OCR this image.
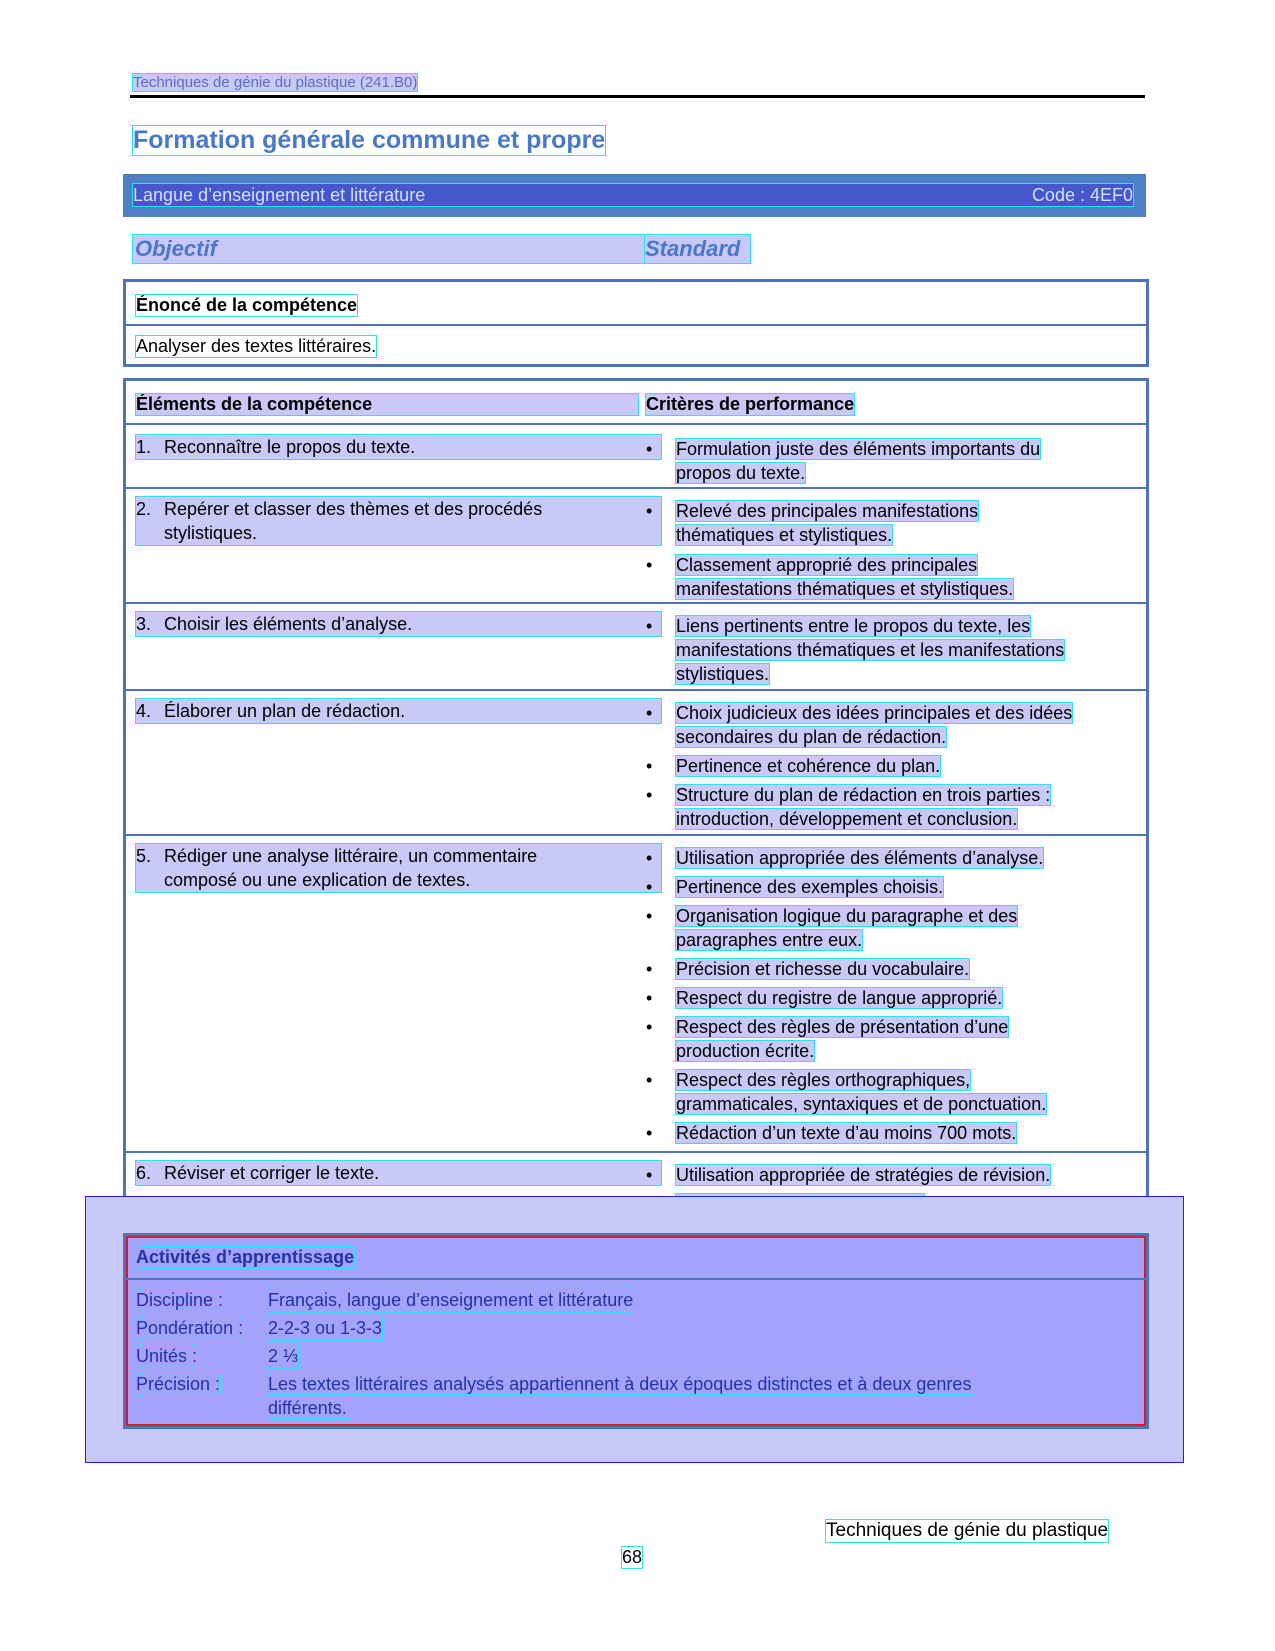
Techniques de génie du plastique (241.B0)
Formation générale commune et propre
Langue d’enseignement et littérature	Code : 4EF0
Objectif	Standard
Énoncé de la compétence
Analyser des textes littéraires.
Éléments de la compétence	Critères de performance
1. Reconnaître le propos du texte.	• Formulation juste des éléments importants du
propos du texte.
2. Repérer et classer des thèmes et des procédés
stylistiques.
• Relevé des principales manifestations
thématiques et stylistiques.
• Classement approprié des principales
manifestations thématiques et stylistiques.
3. Choisir les éléments d’analyse.	• Liens pertinents entre le propos du texte, les
manifestations thématiques et les manifestations
stylistiques.
4. Élaborer un plan de rédaction.	• Choix judicieux des idées principales et des idées
secondaires du plan de rédaction.
• Pertinence et cohérence du plan.
• Structure du plan de rédaction en trois parties :
introduction, développement et conclusion.
5. Rédiger une analyse littéraire, un commentaire
composé ou une explication de textes.
• Utilisation appropriée des éléments d’analyse.
• Pertinence des exemples choisis.
• Organisation logique du paragraphe et des
paragraphes entre eux.
• Précision et richesse du vocabulaire.
• Respect du registre de langue approprié.
• Respect des règles de présentation d’une
production écrite.
• Respect des règles orthographiques,
grammaticales, syntaxiques et de ponctuation.
• Rédaction d’un texte d’au moins 700 mots.
6. Réviser et corriger le texte.	• Utilisation appropriée de stratégies de révision.
Activités d’apprentissage
Discipline : Français, langue d’enseignement et littérature
Pondération : 2-2-3 ou 1-3-3
Unités :	2 ⅓
Précision :	Les textes littéraires analysés appartiennent à deux époques distinctes et à deux genres
différents.
Techniques de génie du plastique
68
